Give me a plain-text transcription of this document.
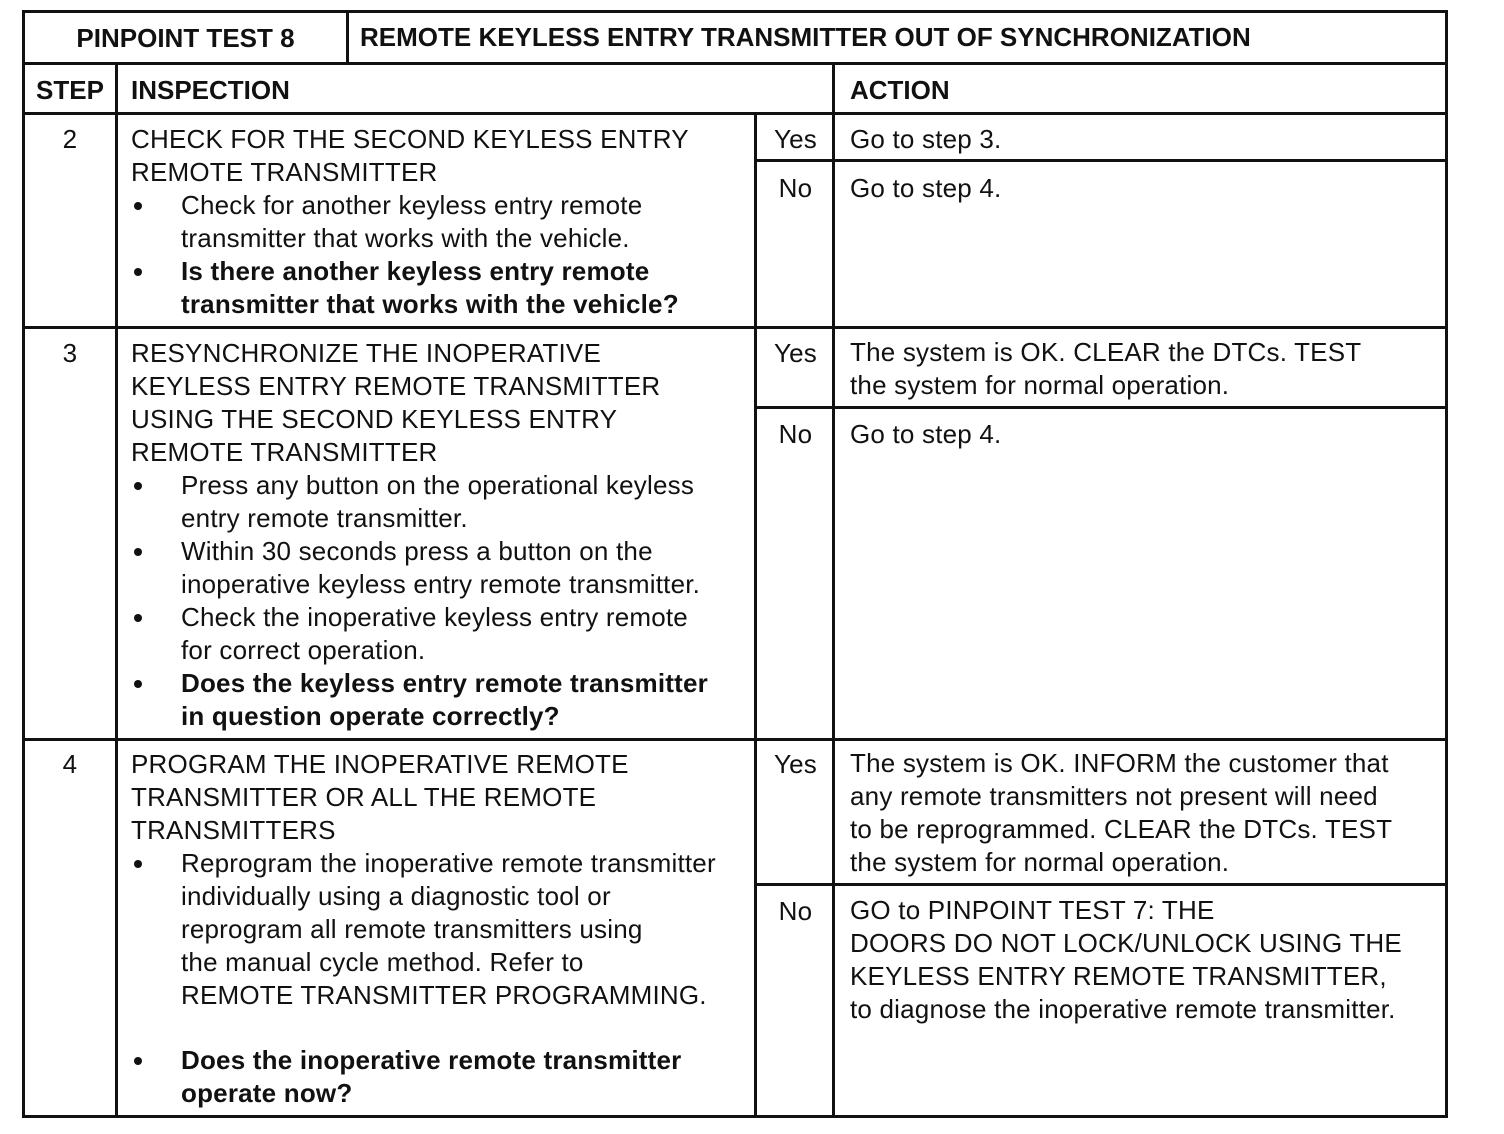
PINPOINT TEST 8	REMOTE KEYLESS ENTRY TRANSMITTER OUT OF SYNCHRONIZATION
STEP	INSPECTION	ACTION
2	CHECK FOR THE SECOND KEYLESS ENTRY
REMOTE TRANSMITTER
Check for another keyless entry remote
transmitter that works with the vehicle.
Is there another keyless entry remote
transmitter that works with the vehicle?
Yes	Go to step 3.
No	Go to step 4.
3	RESYNCHRONIZE THE INOPERATIVE
KEYLESS ENTRY REMOTE TRANSMITTER
USING THE SECOND KEYLESS ENTRY
REMOTE TRANSMITTER
Press any button on the operational keyless
entry remote transmitter.
Within 30 seconds press a button on the
inoperative keyless entry remote transmitter.
Check the inoperative keyless entry remote
for correct operation.
Does the keyless entry remote transmitter
in question operate correctly?
Yes	The system is OK. CLEAR the DTCs. TEST
the system for normal operation.
No	Go to step 4.
4	PROGRAM THE INOPERATIVE REMOTE
TRANSMITTER OR ALL THE REMOTE
TRANSMITTERS
Reprogram the inoperative remote transmitter
individually using a diagnostic tool or
reprogram all remote transmitters using
the manual cycle method. Refer to
REMOTE TRANSMITTER PROGRAMMING.
Does the inoperative remote transmitter
operate now?
Yes	The system is OK. INFORM the customer that
any remote transmitters not present will need
to be reprogrammed. CLEAR the DTCs. TEST
the system for normal operation.
No	GO to PINPOINT TEST 7: THE
DOORS DO NOT LOCK/UNLOCK USING THE
KEYLESS ENTRY REMOTE TRANSMITTER,
to diagnose the inoperative remote transmitter.
